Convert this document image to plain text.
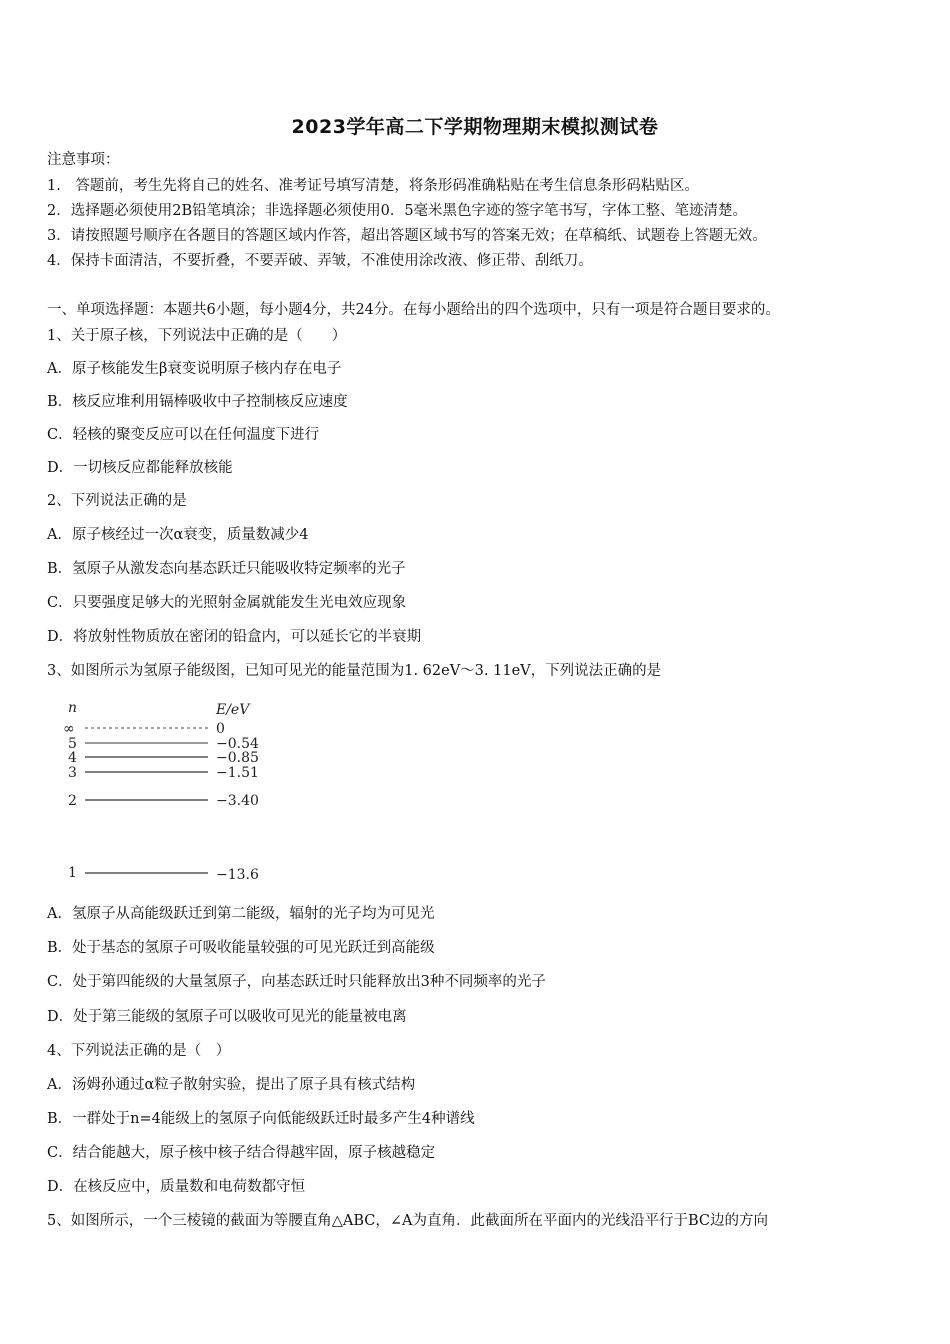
2023学年高二下学期物理期末模拟测试卷
注意事项：
1.　答题前，考生先将自己的姓名、准考证号填写清楚，将条形码准确粘贴在考生信息条形码粘贴区。
2．选择题必须使用2B铅笔填涂；非选择题必须使用0．5毫米黑色字迹的签字笔书写，字体工整、笔迹清楚。
3．请按照题号顺序在各题目的答题区域内作答，超出答题区域书写的答案无效；在草稿纸、试题卷上答题无效。
4．保持卡面清洁，不要折叠，不要弄破、弄皱，不准使用涂改液、修正带、刮纸刀。
一、单项选择题：本题共6小题，每小题4分，共24分。在每小题给出的四个选项中，只有一项是符合题目要求的。
1、关于原子核，下列说法中正确的是（　　）
A．原子核能发生β衰变说明原子核内存在电子
B．核反应堆利用镉棒吸收中子控制核反应速度
C．轻核的聚变反应可以在任何温度下进行
D．一切核反应都能释放核能
2、下列说法正确的是
A．原子核经过一次α衰变，质量数减少4
B．氢原子从激发态向基态跃迁只能吸收特定频率的光子
C．只要强度足够大的光照射金属就能发生光电效应现象
D．将放射性物质放在密闭的铅盒内，可以延长它的半衰期
3、如图所示为氢原子能级图，已知可见光的能量范围为1. 62eV～3. 11eV，下列说法正确的是
n	E/eV
∞	0
5	−0.54
4	−0.85
3	−1.51
2	−3.40
1	−13.6
A．氢原子从高能级跃迁到第二能级，辐射的光子均为可见光
B．处于基态的氢原子可吸收能量较强的可见光跃迁到高能级
C．处于第四能级的大量氢原子，向基态跃迁时只能释放出3种不同频率的光子
D．处于第三能级的氢原子可以吸收可见光的能量被电离
4、下列说法正确的是（　）
A．汤姆孙通过α粒子散射实验，提出了原子具有核式结构
B．一群处于n=4能级上的氢原子向低能级跃迁时最多产生4种谱线
C．结合能越大，原子核中核子结合得越牢固，原子核越稳定
D．在核反应中，质量数和电荷数都守恒
5、如图所示，一个三棱镜的截面为等腰直角△ABC，∠A为直角．此截面所在平面内的光线沿平行于BC边的方向
